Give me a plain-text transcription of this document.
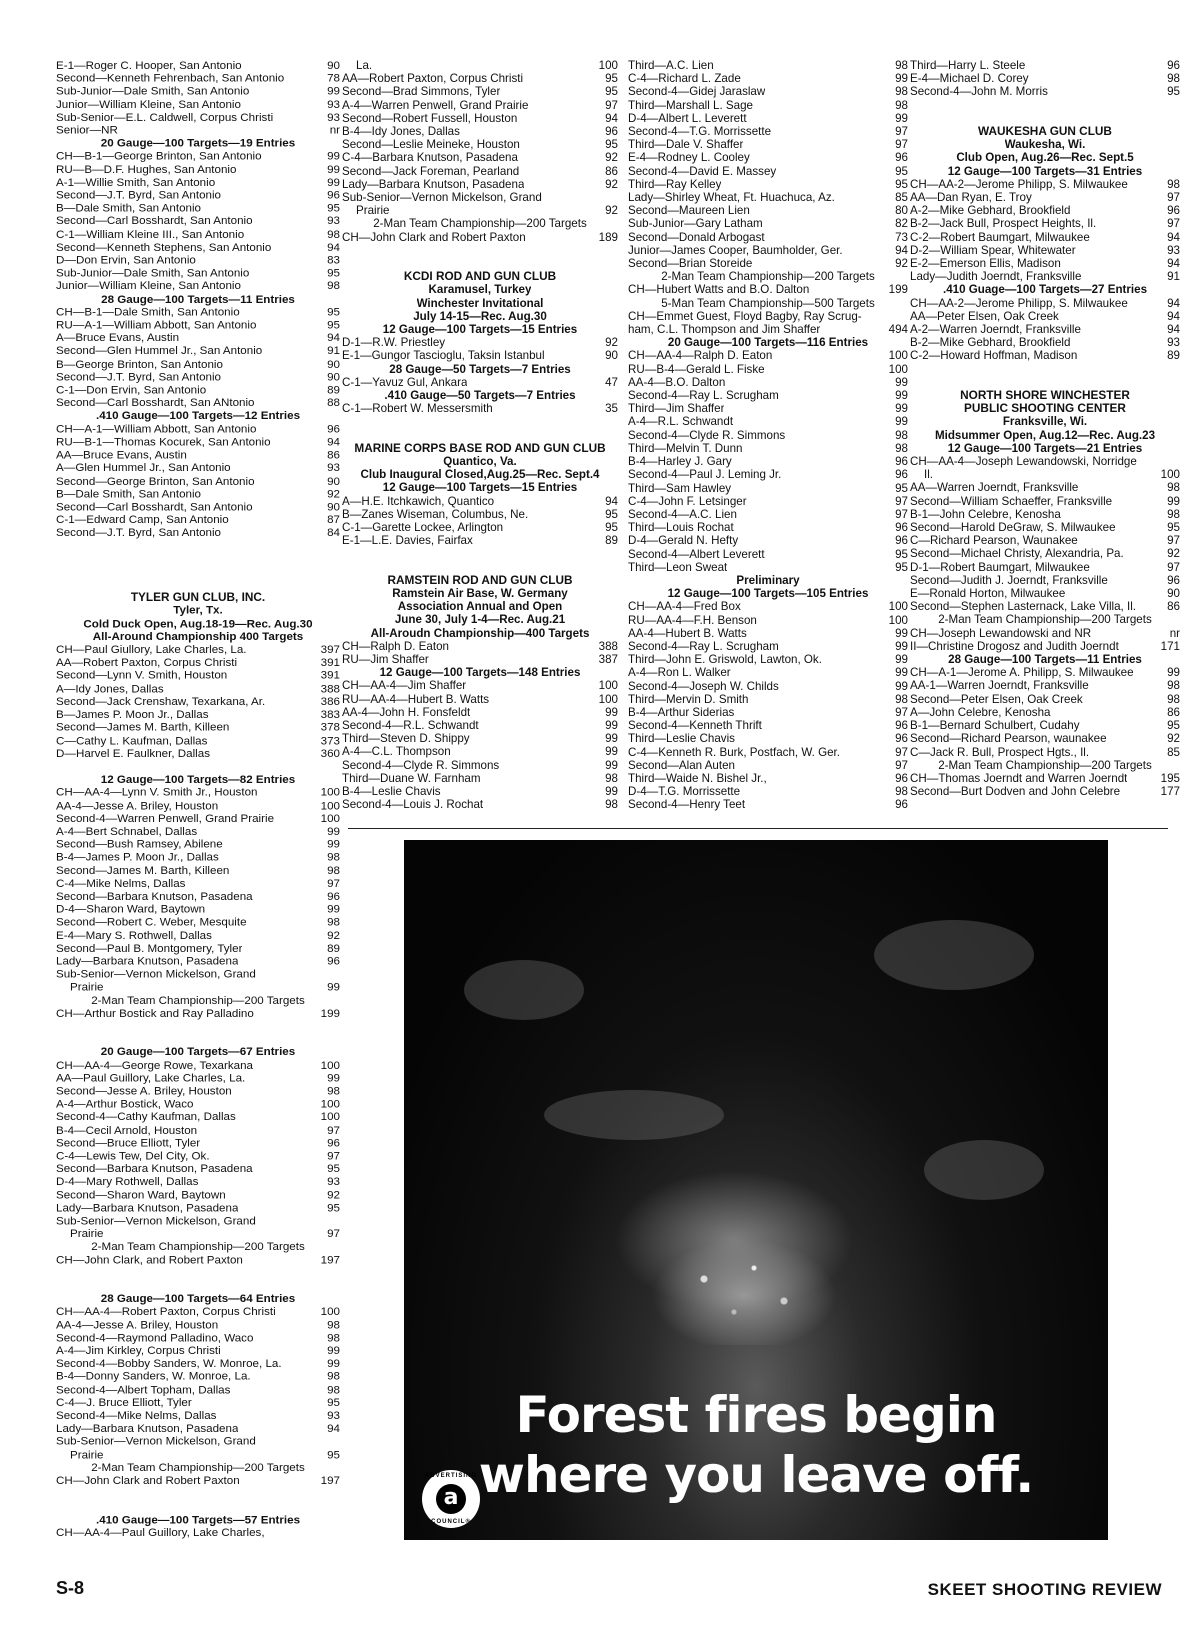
E-1—Roger C. Hooper, San Antonio	90
Second—Kenneth Fehrenbach, San Antonio	78
Sub-Junior—Dale Smith, San Antonio	99
Junior—William Kleine, San Antonio	93
Sub-Senior—E.L. Caldwell, Corpus Christi	93
Senior—NR	nr
20 Gauge—100 Targets—19 Entries
CH—B-1—George Brinton, San Antonio	99
RU—B—D.F. Hughes, San Antonio	99
A-1—Willie Smith, San Antonio	99
Second—J.T. Byrd, San Antonio	96
B—Dale Smith, San Antonio	95
Second—Carl Bosshardt, San Antonio	93
C-1—William Kleine III., San Antonio	98
Second—Kenneth Stephens, San Antonio	94
D—Don Ervin, San Antonio	83
Sub-Junior—Dale Smith, San Antonio	95
Junior—William Kleine, San Antonio	98
28 Gauge—100 Targets—11 Entries
CH—B-1—Dale Smith, San Antonio	95
RU—A-1—William Abbott, San Antonio	95
A—Bruce Evans, Austin	94
Second—Glen Hummel Jr., San Antonio	91
B—George Brinton, San Antonio	90
Second—J.T. Byrd, San Antonio	90
C-1—Don Ervin, San Antonio	89
Second—Carl Bosshardt, San ANtonio	88
.410 Gauge—100 Targets—12 Entries
CH—A-1—William Abbott, San Antonio	96
RU—B-1—Thomas Kocurek, San Antonio	94
AA—Bruce Evans, Austin	86
A—Glen Hummel Jr., San Antonio	93
Second—George Brinton, San Antonio	90
B—Dale Smith, San Antonio	92
Second—Carl Bosshardt, San Antonio	90
C-1—Edward Camp, San Antonio	87
Second—J.T. Byrd, San Antonio	84
TYLER GUN CLUB, INC.
Tyler, Tx.
Cold Duck Open, Aug.18-19—Rec. Aug.30
All-Around Championship 400 Targets
CH—Paul Giullory, Lake Charles, La.	397
AA—Robert Paxton, Corpus Christi	391
Second—Lynn V. Smith, Houston	391
A—Idy Jones, Dallas	388
Second—Jack Crenshaw, Texarkana, Ar.	386
B—James P. Moon Jr., Dallas	383
Second—James M. Barth, Killeen	378
C—Cathy L. Kaufman, Dallas	373
D—Harvel E. Faulkner, Dallas	360
12 Gauge—100 Targets—82 Entries
CH—AA-4—Lynn V. Smith Jr., Houston	100
AA-4—Jesse A. Briley, Houston	100
Second-4—Warren Penwell, Grand Prairie	100
A-4—Bert Schnabel, Dallas	99
Second—Bush Ramsey, Abilene	99
B-4—James P. Moon Jr., Dallas	98
Second—James M. Barth, Killeen	98
C-4—Mike Nelms, Dallas	97
Second—Barbara Knutson, Pasadena	96
D-4—Sharon Ward, Baytown	99
Second—Robert C. Weber, Mesquite	98
E-4—Mary S. Rothwell, Dallas	92
Second—Paul B. Montgomery, Tyler	89
Lady—Barbara Knutson, Pasadena	96
Sub-Senior—Vernon Mickelson, Grand
Prairie	99
2-Man Team Championship—200 Targets
CH—Arthur Bostick and Ray Palladino	199
20 Gauge—100 Targets—67 Entries
CH—AA-4—George Rowe, Texarkana	100
AA—Paul Guillory, Lake Charles, La.	99
Second—Jesse A. Briley, Houston	98
A-4—Arthur Bostick, Waco	100
Second-4—Cathy Kaufman, Dallas	100
B-4—Cecil Arnold, Houston	97
Second—Bruce Elliott, Tyler	96
C-4—Lewis Tew, Del City, Ok.	97
Second—Barbara Knutson, Pasadena	95
D-4—Mary Rothwell, Dallas	93
Second—Sharon Ward, Baytown	92
Lady—Barbara Knutson, Pasadena	95
Sub-Senior—Vernon Mickelson, Grand
Prairie	97
2-Man Team Championship—200 Targets
CH—John Clark, and Robert Paxton	197
28 Gauge—100 Targets—64 Entries
CH—AA-4—Robert Paxton, Corpus Christi	100
AA-4—Jesse A. Briley, Houston	98
Second-4—Raymond Palladino, Waco	98
A-4—Jim Kirkley, Corpus Christi	99
Second-4—Bobby Sanders, W. Monroe, La.	99
B-4—Donny Sanders, W. Monroe, La.	98
Second-4—Albert Topham, Dallas	98
C-4—J. Bruce Elliott, Tyler	95
Second-4—Mike Nelms, Dallas	93
Lady—Barbara Knutson, Pasadena	94
Sub-Senior—Vernon Mickelson, Grand
Prairie	95
2-Man Team Championship—200 Targets
CH—John Clark and Robert Paxton	197
.410 Gauge—100 Targets—57 Entries
CH—AA-4—Paul Guillory, Lake Charles,
La.	100
AA—Robert Paxton, Corpus Christi	95
Second—Brad Simmons, Tyler	95
A-4—Warren Penwell, Grand Prairie	97
Second—Robert Fussell, Houston	94
B-4—Idy Jones, Dallas	96
Second—Leslie Meineke, Houston	95
C-4—Barbara Knutson, Pasadena	92
Second—Jack Foreman, Pearland	86
Lady—Barbara Knutson, Pasadena	92
Sub-Senior—Vernon Mickelson, Grand
Prairie	92
2-Man Team Championship—200 Targets
CH—John Clark and Robert Paxton	189
KCDI ROD AND GUN CLUB
Karamusel, Turkey
Winchester Invitational
July 14-15—Rec. Aug.30
12 Gauge—100 Targets—15 Entries
D-1—R.W. Priestley	92
E-1—Gungor Tascioglu, Taksin Istanbul	90
28 Gauge—50 Targets—7 Entries
C-1—Yavuz Gul, Ankara	47
.410 Gauge—50 Targets—7 Entries
C-1—Robert W. Messersmith	35
MARINE CORPS BASE ROD AND GUN CLUB
Quantico, Va.
Club Inaugural Closed,Aug.25—Rec. Sept.4
12 Gauge—100 Targets—15 Entries
A—H.E. Itchkawich, Quantico	94
B—Zanes Wiseman, Columbus, Ne.	95
C-1—Garette Lockee, Arlington	95
E-1—L.E. Davies, Fairfax	89
RAMSTEIN ROD AND GUN CLUB
Ramstein Air Base, W. Germany
Association Annual and Open
June 30, July 1-4—Rec. Aug.21
All-Aroudn Championship—400 Targets
CH—Ralph D. Eaton	388
RU—Jim Shaffer	387
12 Gauge—100 Targets—148 Entries
CH—AA-4—Jim Shaffer	100
RU—AA-4—Hubert B. Watts	100
AA-4—John H. Fonsfeldt	99
Second-4—R.L. Schwandt	99
Third—Steven D. Shippy	99
A-4—C.L. Thompson	99
Second-4—Clyde R. Simmons	99
Third—Duane W. Farnham	98
B-4—Leslie Chavis	99
Second-4—Louis J. Rochat	98
Third—A.C. Lien	98
C-4—Richard L. Zade	99
Second-4—Gidej Jaraslaw	98
Third—Marshall L. Sage	98
D-4—Albert L. Leverett	99
Second-4—T.G. Morrissette	97
Third—Dale V. Shaffer	97
E-4—Rodney L. Cooley	96
Second-4—David E. Massey	95
Third—Ray Kelley	95
Lady—Shirley Wheat, Ft. Huachuca, Az.	85
Second—Maureen Lien	80
Sub-Junior—Gary Latham	82
Second—Donald Arbogast	73
Junior—James Cooper, Baumholder, Ger.	94
Second—Brian Storeide	92
2-Man Team Championship—200 Targets
CH—Hubert Watts and B.O. Dalton	199
5-Man Team Championship—500 Targets
CH—Emmet Guest, Floyd Bagby, Ray Scrug-
ham, C.L. Thompson and Jim Shaffer	494
20 Gauge—100 Targets—116 Entries
CH—AA-4—Ralph D. Eaton	100
RU—B-4—Gerald L. Fiske	100
AA-4—B.O. Dalton	99
Second-4—Ray L. Scrugham	99
Third—Jim Shaffer	99
A-4—R.L. Schwandt	99
Second-4—Clyde R. Simmons	98
Third—Melvin T. Dunn	98
B-4—Harley J. Gary	96
Second-4—Paul J. Leming Jr.	96
Third—Sam Hawley	95
C-4—John F. Letsinger	97
Second-4—A.C. Lien	97
Third—Louis Rochat	96
D-4—Gerald N. Hefty	96
Second-4—Albert Leverett	95
Third—Leon Sweat	95
Preliminary
12 Gauge—100 Targets—105 Entries
CH—AA-4—Fred Box	100
RU—AA-4—F.H. Benson	100
AA-4—Hubert B. Watts	99
Second-4—Ray L. Scrugham	99
Third—John E. Griswold, Lawton, Ok.	99
A-4—Ron L. Walker	99
Second-4—Joseph W. Childs	99
Third—Mervin D. Smith	98
B-4—Arthur Siderias	97
Second-4—Kenneth Thrift	96
Third—Leslie Chavis	96
C-4—Kenneth R. Burk, Postfach, W. Ger.	97
Second—Alan Auten	97
Third—Waide N. Bishel Jr.,	96
D-4—T.G. Morrissette	98
Second-4—Henry Teet	96
Third—Harry L. Steele	96
E-4—Michael D. Corey	98
Second-4—John M. Morris	95
WAUKESHA GUN CLUB
Waukesha, Wi.
Club Open, Aug.26—Rec. Sept.5
12 Gauge—100 Targets—31 Entries
CH—AA-2—Jerome Philipp, S. Milwaukee	98
AA—Dan Ryan, E. Troy	97
A-2—Mike Gebhard, Brookfield	96
B-2—Jack Bull, Prospect Heights, Il.	97
C-2—Robert Baumgart, Milwaukee	94
D-2—William Spear, Whitewater	93
E-2—Emerson Ellis, Madison	94
Lady—Judith Joerndt, Franksville	91
.410 Guage—100 Targets—27 Entries
CH—AA-2—Jerome Philipp, S. Milwaukee	94
AA—Peter Elsen, Oak Creek	94
A-2—Warren Joerndt, Franksville	94
B-2—Mike Gebhard, Brookfield	93
C-2—Howard Hoffman, Madison	89
NORTH SHORE WINCHESTER
PUBLIC SHOOTING CENTER
Franksville, Wi.
Midsummer Open, Aug.12—Rec. Aug.23
12 Gauge—100 Targets—21 Entries
CH—AA-4—Joseph Lewandowski, Norridge
Il.	100
AA—Warren Joerndt, Franksville	98
Second—William Schaeffer, Franksville	99
B-1—John Celebre, Kenosha	98
Second—Harold DeGraw, S. Milwaukee	95
C—Richard Pearson, Waunakee	97
Second—Michael Christy, Alexandria, Pa.	92
D-1—Robert Baumgart, Milwaukee	97
Second—Judith J. Joerndt, Franksville	96
E—Ronald Horton, Milwaukee	90
Second—Stephen Lasternack, Lake Villa, Il.	86
2-Man Team Championship—200 Targets
CH—Joseph Lewandowski and NR	nr
II—Christine Drogosz and Judith Joerndt	171
28 Gauge—100 Targets—11 Entries
CH—A-1—Jerome A. Philipp, S. Milwaukee	99
AA-1—Warren Joerndt, Franksville	98
Second—Peter Elsen, Oak Creek	98
A—John Celebre, Kenosha	86
B-1—Bernard Schulbert, Cudahy	95
Second—Richard Pearson, waunakee	92
C—Jack R. Bull, Prospect Hgts., Il.	85
2-Man Team Championship—200 Targets
CH—Thomas Joerndt and Warren Joerndt	195
Second—Burt Dodven and John Celebre	177
Forest fires begin
where you leave off.
ADVERTISING
a
COUNCIL®
S-8	SKEET SHOOTING REVIEW
